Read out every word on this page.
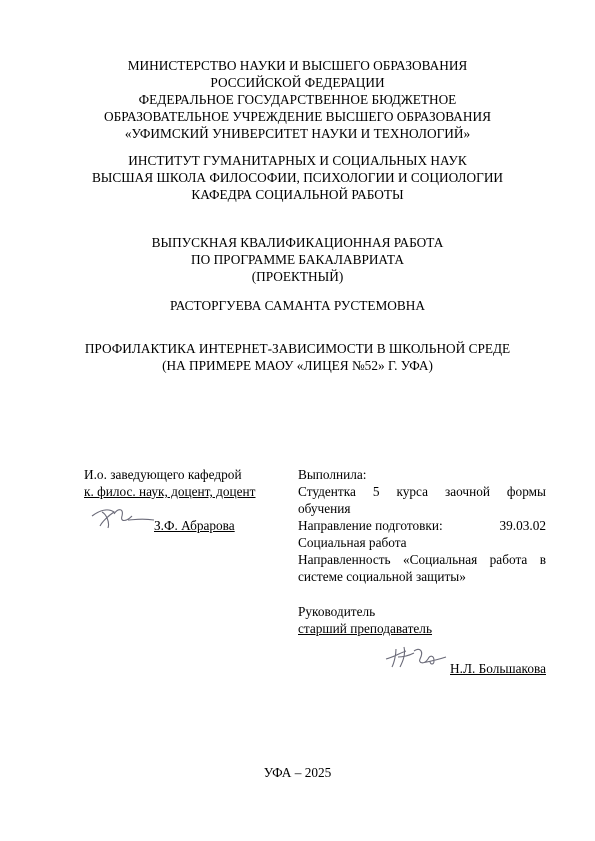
МИНИСТЕРСТВО НАУКИ И ВЫСШЕГО ОБРАЗОВАНИЯ
РОССИЙСКОЙ ФЕДЕРАЦИИ
ФЕДЕРАЛЬНОЕ ГОСУДАРСТВЕННОЕ БЮДЖЕТНОЕ
ОБРАЗОВАТЕЛЬНОЕ УЧРЕЖДЕНИЕ ВЫСШЕГО ОБРАЗОВАНИЯ
«УФИМСКИЙ УНИВЕРСИТЕТ НАУКИ И ТЕХНОЛОГИЙ»
ИНСТИТУТ ГУМАНИТАРНЫХ И СОЦИАЛЬНЫХ НАУК
ВЫСШАЯ ШКОЛА ФИЛОСОФИИ, ПСИХОЛОГИИ И СОЦИОЛОГИИ
КАФЕДРА СОЦИАЛЬНОЙ РАБОТЫ
ВЫПУСКНАЯ КВАЛИФИКАЦИОННАЯ РАБОТА
ПО ПРОГРАММЕ БАКАЛАВРИАТА
(ПРОЕКТНЫЙ)
РАСТОРГУЕВА САМАНТА РУСТЕМОВНА
ПРОФИЛАКТИКА ИНТЕРНЕТ-ЗАВИСИМОСТИ В ШКОЛЬНОЙ СРЕДЕ
(НА ПРИМЕРЕ МАОУ «ЛИЦЕЯ №52» Г. УФА)
И.о. заведующего кафедрой
к. филос. наук, доцент, доцент
З.Ф. Абрарова
Выполнила:
Студентка 5 курса заочной формы
обучения
Направление подготовки:	39.03.02
Социальная работа
Направленность «Социальная работа в
системе социальной защиты»
Руководитель
старший преподаватель
Н.Л. Большакова
УФА – 2025
